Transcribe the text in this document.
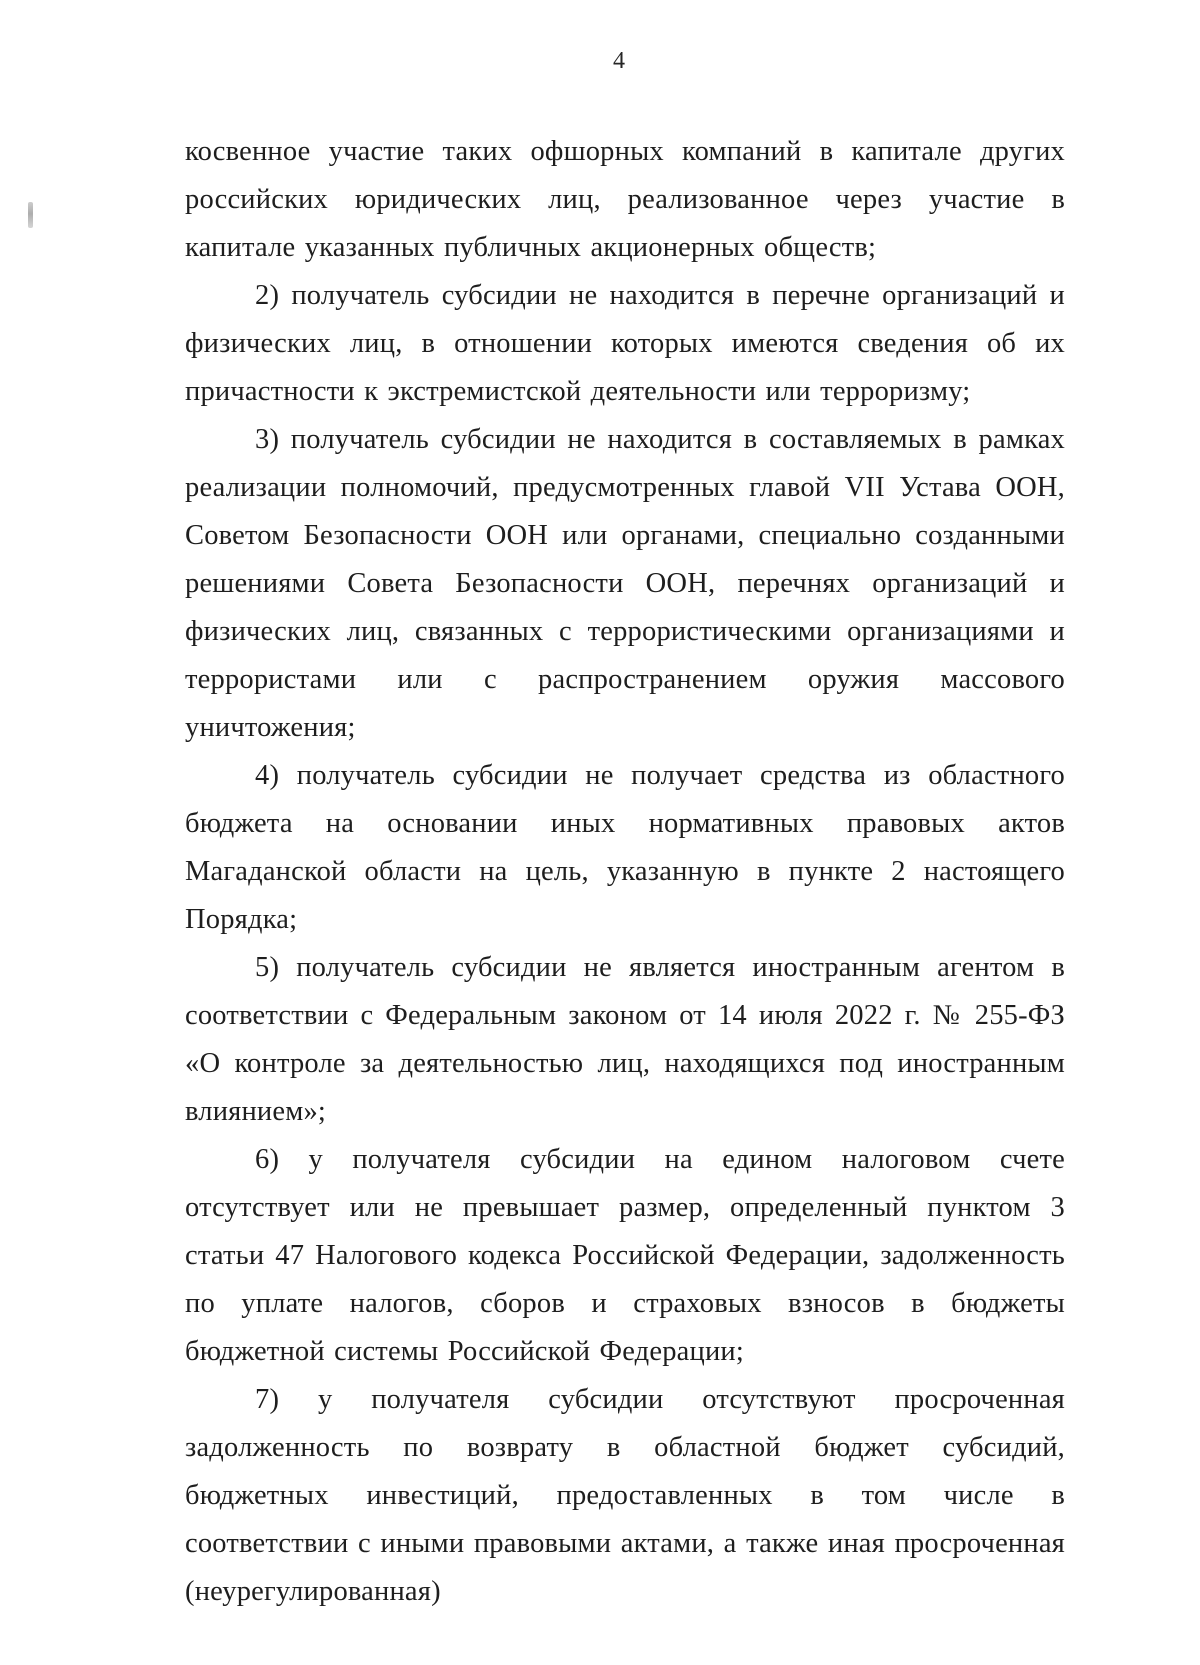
4

косвенное участие таких офшорных компаний в капитале других российских юридических лиц, реализованное через участие в капитале указанных публичных акционерных обществ;

2) получатель субсидии не находится в перечне организаций и физических лиц, в отношении которых имеются сведения об их причастности к экстремистской деятельности или терроризму;

3) получатель субсидии не находится в составляемых в рамках реализации полномочий, предусмотренных главой VII Устава ООН, Советом Безопасности ООН или органами, специально созданными решениями Совета Безопасности ООН, перечнях организаций и физических лиц, связанных с террористическими организациями и террористами или с распространением оружия массового уничтожения;

4) получатель субсидии не получает средства из областного бюджета на основании иных нормативных правовых актов Магаданской области на цель, указанную в пункте 2 настоящего Порядка;

5) получатель субсидии не является иностранным агентом в соответствии с Федеральным законом от 14 июля 2022 г. № 255-ФЗ «О контроле за деятельностью лиц, находящихся под иностранным влиянием»;

6) у получателя субсидии на едином налоговом счете отсутствует или не превышает размер, определенный пунктом 3 статьи 47 Налогового кодекса Российской Федерации, задолженность по уплате налогов, сборов и страховых взносов в бюджеты бюджетной системы Российской Федерации;

7) у получателя субсидии отсутствуют просроченная задолженность по возврату в областной бюджет субсидий, бюджетных инвестиций, предоставленных в том числе в соответствии с иными правовыми актами, а также иная просроченная (неурегулированная)
